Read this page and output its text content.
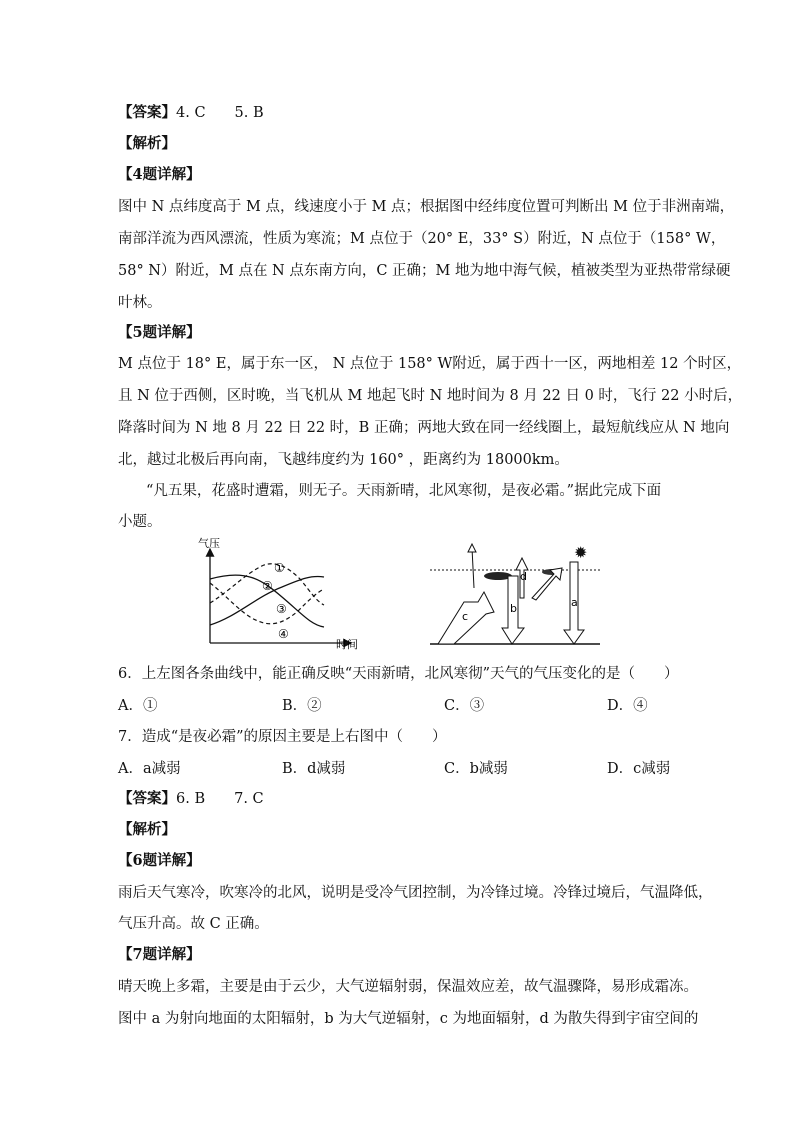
【答案】4. C　　5. B
【解析】
【4题详解】
图中 N 点纬度高于 M 点，线速度小于 M 点；根据图中经纬度位置可判断出 M 位于非洲南端，
南部洋流为西风漂流，性质为寒流；M 点位于（20° E，33° S）附近，N 点位于（158° W，
58° N）附近，M 点在 N 点东南方向，C 正确；M 地为地中海气候，植被类型为亚热带常绿硬
叶林。
【5题详解】
M 点位于 18° E，属于东一区， N 点位于 158° W附近，属于西十一区，两地相差 12 个时区，
且 N 位于西侧，区时晚，当飞机从 M 地起飞时 N 地时间为 8 月 22 日 0 时，飞行 22 小时后，
降落时间为 N 地 8 月 22 日 22 时，B 正确；两地大致在同一经线圈上，最短航线应从 N 地向
北，越过北极后再向南，飞越纬度约为 160° ，距离约为 18000km。
“凡五果，花盛时遭霜，则无子。天雨新晴，北风寒彻，是夜必霜。”据此完成下面
小题。
气压
时间
①
②
③
④
✹
c
d
b	a
6．上左图各条曲线中，能正确反映“天雨新晴，北风寒彻”天气的气压变化的是（　　）
A．①	B．②	C．③	D．④
7．造成“是夜必霜”的原因主要是上右图中（　　）
A．a减弱	B．d减弱	C．b减弱	D．c减弱
【答案】6. B　　7. C
【解析】
【6题详解】
雨后天气寒冷，吹寒冷的北风，说明是受冷气团控制，为冷锋过境。冷锋过境后，气温降低，
气压升高。故 C 正确。
【7题详解】
晴天晚上多霜，主要是由于云少，大气逆辐射弱，保温效应差，故气温骤降，易形成霜冻。
图中 a 为射向地面的太阳辐射，b 为大气逆辐射，c 为地面辐射，d 为散失得到宇宙空间的
